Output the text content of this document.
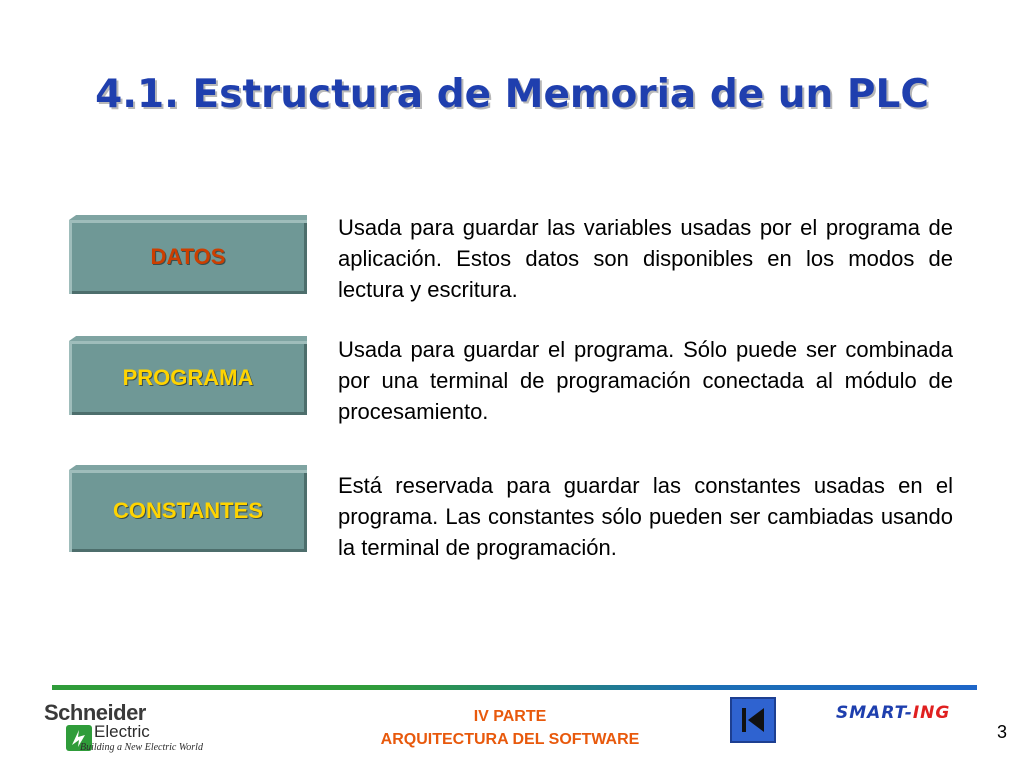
4.1. Estructura de Memoria de un PLC
DATOS
Usada para guardar las variables usadas por el programa de aplicación. Estos datos son disponibles en los modos de lectura y escritura.
PROGRAMA
Usada para guardar el programa. Sólo puede ser combinada por una terminal de programación conectada al módulo de procesamiento.
CONSTANTES
Está reservada para guardar las constantes usadas en el programa. Las constantes sólo pueden ser cambiadas usando la terminal de programación.
Schneider
Electric
Building a New Electric World
IV PARTE
ARQUITECTURA DEL SOFTWARE
SMART-ING
3
